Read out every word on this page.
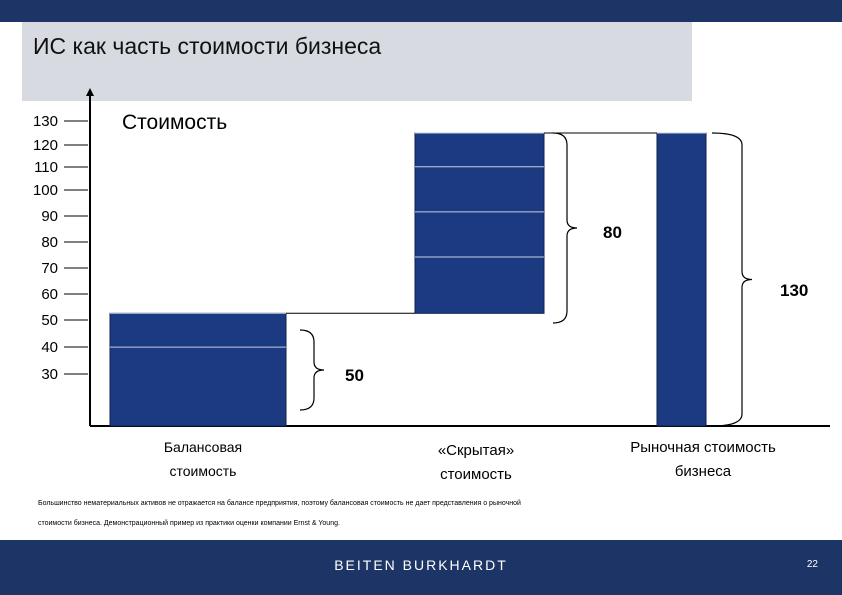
ИС как часть стоимости бизнеса
130
120
110
100
90
80
70
60
50
40
30
Стоимость
50
80
130
Балансовая
стоимость
«Скрытая»
стоимость
Рыночная стоимость
бизнеса
Большинство нематериальных активов не отражается на балансе предприятия, поэтому балансовая стоимость не дает представления о рыночной
стоимости бизнеса. Демонстрационный пример из практики оценки компании Ernst & Young.
BEITEN BURKHARDT	22
